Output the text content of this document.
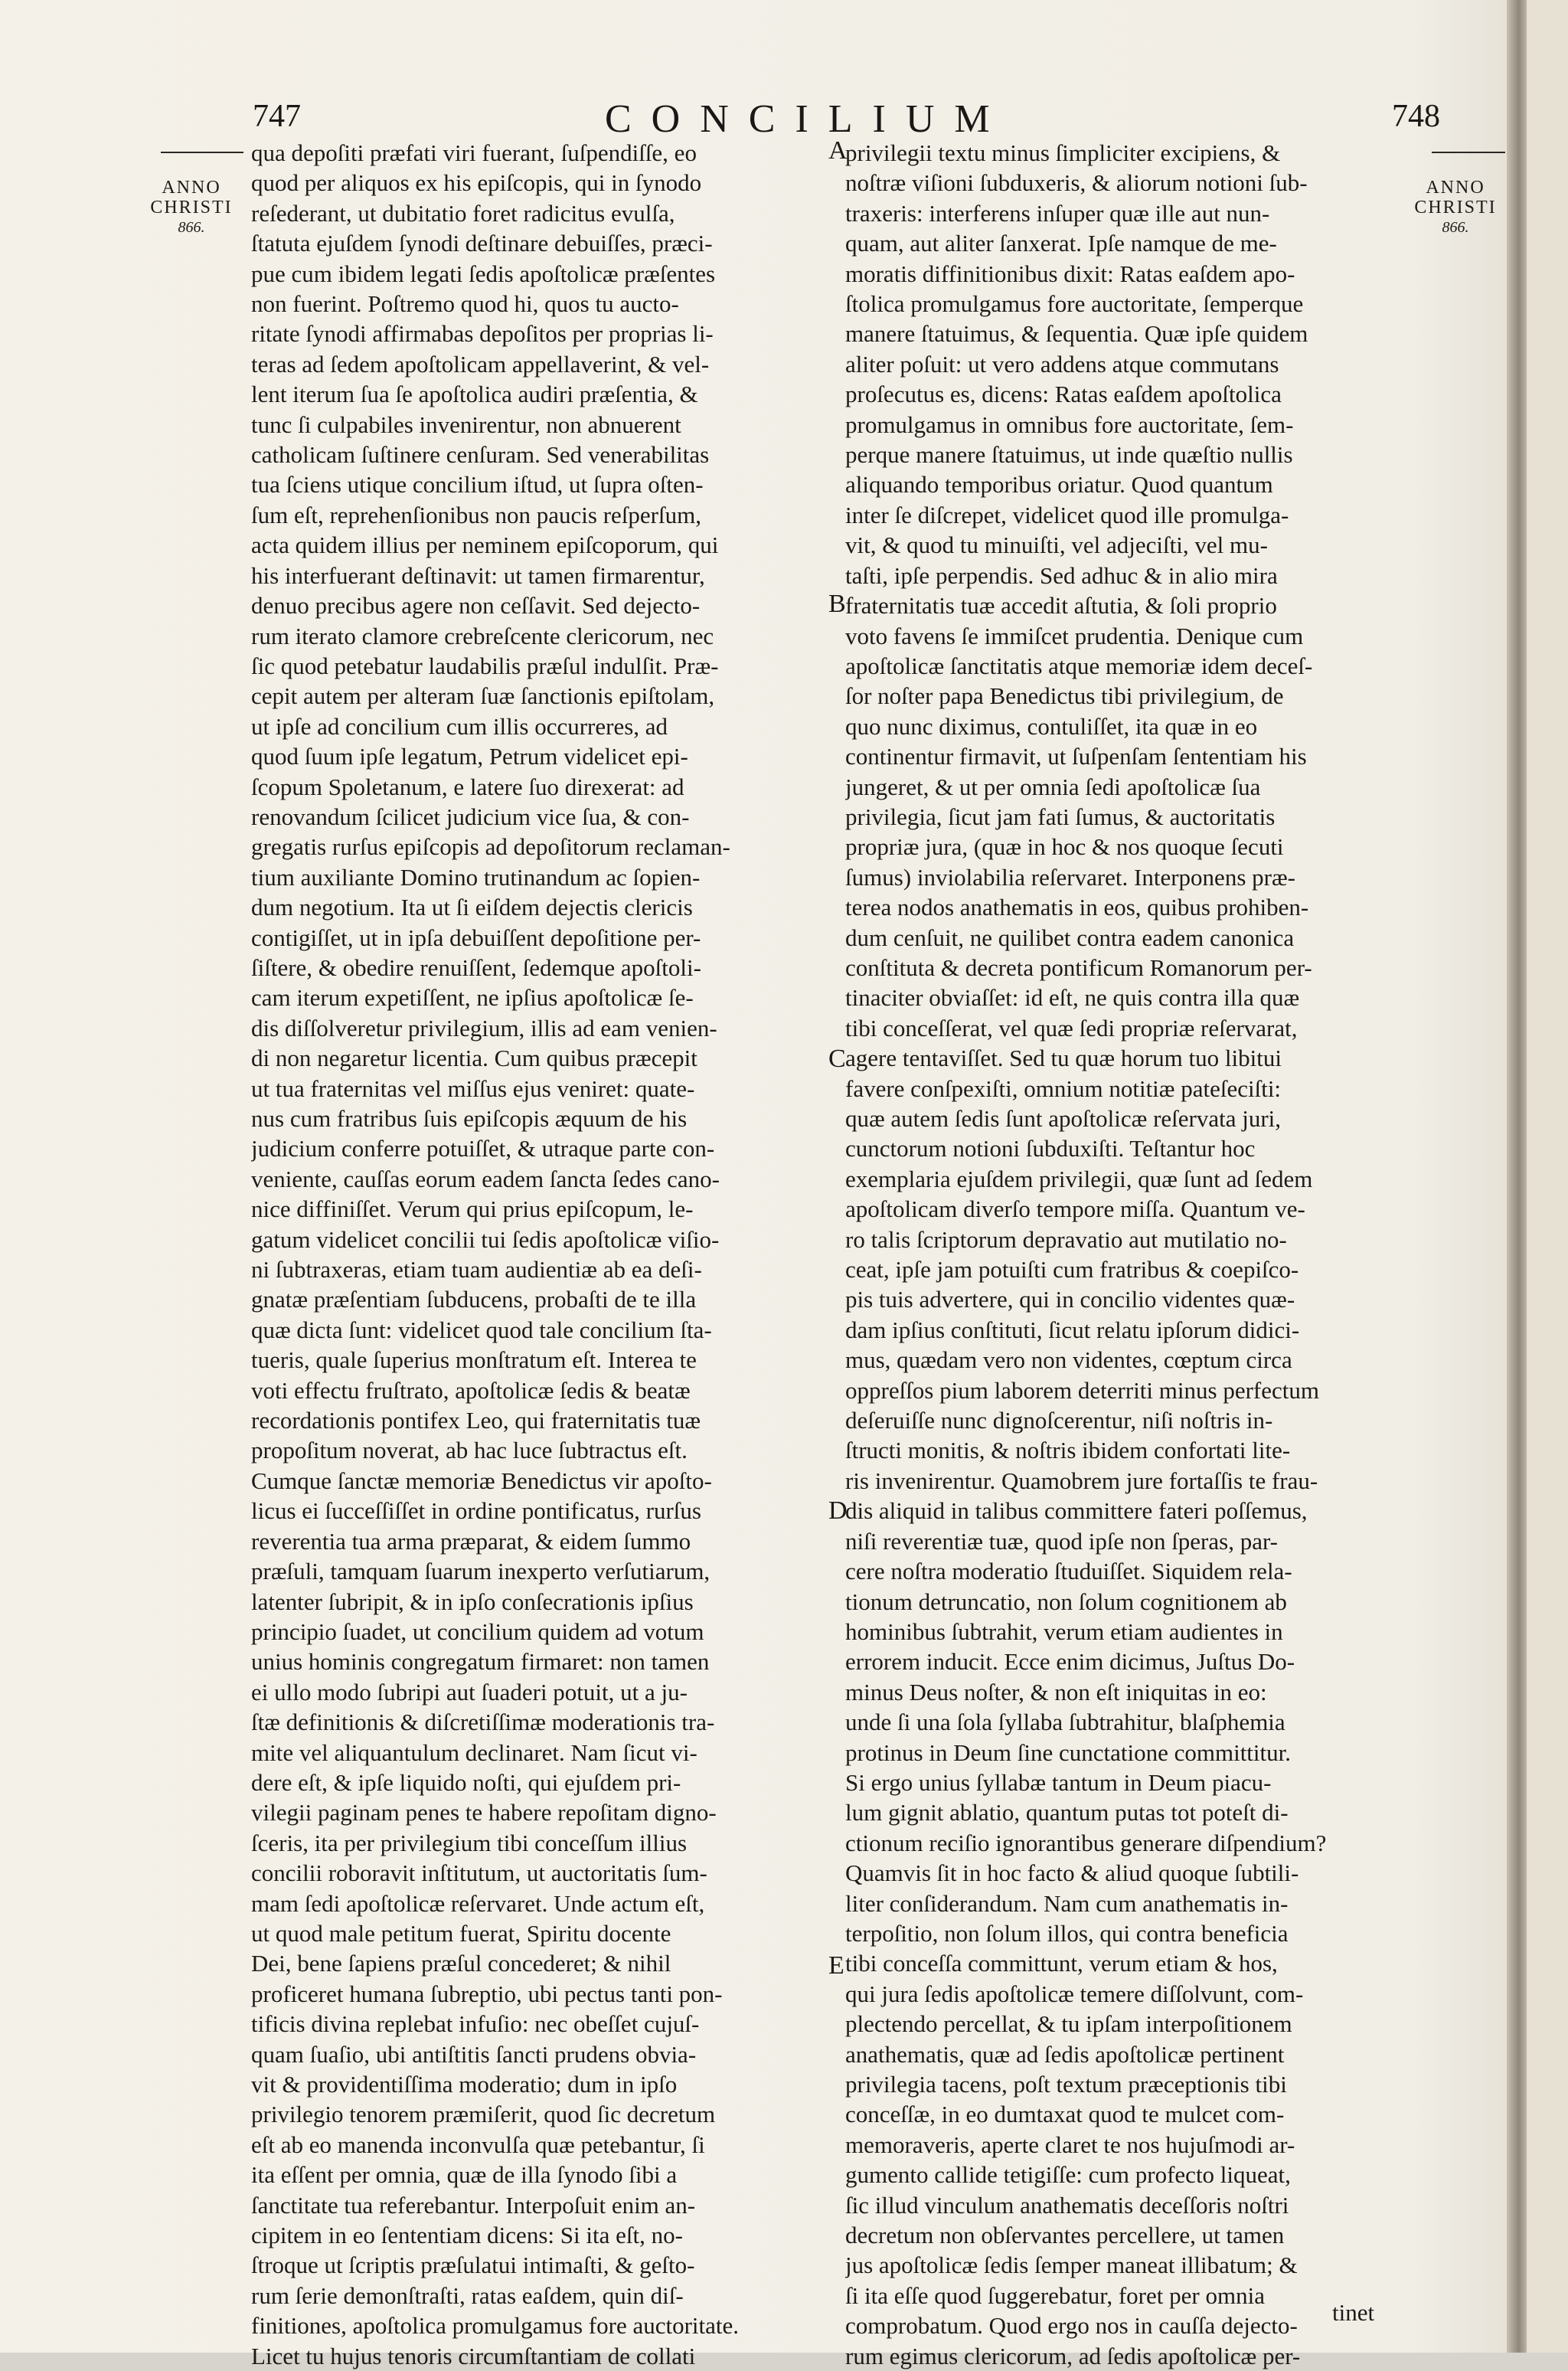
747	CONCILIUM	748
ANNO
CHRISTI
866.
ANNO
CHRISTI
866.
qua depoſiti præfati viri fuerant, ſuſpendiſſe, eo
quod per aliquos ex his epiſcopis, qui in ſynodo
reſederant, ut dubitatio foret radicitus evulſa,
ſtatuta ejuſdem ſynodi deſtinare debuiſſes, præci-
pue cum ibidem legati ſedis apoſtolicæ præſentes
non fuerint. Poſtremo quod hi, quos tu aucto-
ritate ſynodi affirmabas depoſitos per proprias li-
teras ad ſedem apoſtolicam appellaverint, & vel-
lent iterum ſua ſe apoſtolica audiri præſentia, &
tunc ſi culpabiles invenirentur, non abnuerent
catholicam ſuſtinere cenſuram. Sed venerabilitas
tua ſciens utique concilium iſtud, ut ſupra oſten-
ſum eſt, reprehenſionibus non paucis reſperſum,
acta quidem illius per neminem epiſcoporum, qui
his interfuerant deſtinavit: ut tamen firmarentur,
denuo precibus agere non ceſſavit. Sed dejecto-
rum iterato clamore crebreſcente clericorum, nec
ſic quod petebatur laudabilis præſul indulſit. Præ-
cepit autem per alteram ſuæ ſanctionis epiſtolam,
ut ipſe ad concilium cum illis occurreres, ad
quod ſuum ipſe legatum, Petrum videlicet epi-
ſcopum Spoletanum, e latere ſuo direxerat: ad
renovandum ſcilicet judicium vice ſua, & con-
gregatis rurſus epiſcopis ad depoſitorum reclaman-
tium auxiliante Domino trutinandum ac ſopien-
dum negotium. Ita ut ſi eiſdem dejectis clericis
contigiſſet, ut in ipſa debuiſſent depoſitione per-
ſiſtere, & obedire renuiſſent, ſedemque apoſtoli-
cam iterum expetiſſent, ne ipſius apoſtolicæ ſe-
dis diſſolveretur privilegium, illis ad eam venien-
di non negaretur licentia. Cum quibus præcepit
ut tua fraternitas vel miſſus ejus veniret: quate-
nus cum fratribus ſuis epiſcopis æquum de his
judicium conferre potuiſſet, & utraque parte con-
veniente, cauſſas eorum eadem ſancta ſedes cano-
nice diffiniſſet. Verum qui prius epiſcopum, le-
gatum videlicet concilii tui ſedis apoſtolicæ viſio-
ni ſubtraxeras, etiam tuam audientiæ ab ea deſi-
gnatæ præſentiam ſubducens, probaſti de te illa
quæ dicta ſunt: videlicet quod tale concilium ſta-
tueris, quale ſuperius monſtratum eſt. Interea te
voti effectu fruſtrato, apoſtolicæ ſedis & beatæ
recordationis pontifex Leo, qui fraternitatis tuæ
propoſitum noverat, ab hac luce ſubtractus eſt.
Cumque ſanctæ memoriæ Benedictus vir apoſto-
licus ei ſucceſſiſſet in ordine pontificatus, rurſus
reverentia tua arma præparat, & eidem ſummo
præſuli, tamquam ſuarum inexperto verſutiarum,
latenter ſubripit, & in ipſo conſecrationis ipſius
principio ſuadet, ut concilium quidem ad votum
unius hominis congregatum firmaret: non tamen
ei ullo modo ſubripi aut ſuaderi potuit, ut a ju-
ſtæ definitionis & diſcretiſſimæ moderationis tra-
mite vel aliquantulum declinaret. Nam ſicut vi-
dere eſt, & ipſe liquido noſti, qui ejuſdem pri-
vilegii paginam penes te habere repoſitam digno-
ſceris, ita per privilegium tibi conceſſum illius
concilii roboravit inſtitutum, ut auctoritatis ſum-
mam ſedi apoſtolicæ reſervaret. Unde actum eſt,
ut quod male petitum fuerat, Spiritu docente
Dei, bene ſapiens præſul concederet; & nihil
proficeret humana ſubreptio, ubi pectus tanti pon-
tificis divina replebat infuſio: nec obeſſet cujuſ-
quam ſuaſio, ubi antiſtitis ſancti prudens obvia-
vit & providentiſſima moderatio; dum in ipſo
privilegio tenorem præmiſerit, quod ſic decretum
eſt ab eo manenda inconvulſa quæ petebantur, ſi
ita eſſent per omnia, quæ de illa ſynodo ſibi a
ſanctitate tua referebantur. Interpoſuit enim an-
cipitem in eo ſententiam dicens: Si ita eſt, no-
ſtroque ut ſcriptis præſulatui intimaſti, & geſto-
rum ſerie demonſtraſti, ratas eaſdem, quin diſ-
finitiones, apoſtolica promulgamus fore auctoritate.
Licet tu hujus tenoris circumſtantiam de collati
privilegii textu minus ſimpliciter excipiens, &
noſtræ viſioni ſubduxeris, & aliorum notioni ſub-
traxeris: interferens inſuper quæ ille aut nun-
quam, aut aliter ſanxerat. Ipſe namque de me-
moratis diffinitionibus dixit: Ratas eaſdem apo-
ſtolica promulgamus fore auctoritate, ſemperque
manere ſtatuimus, & ſequentia. Quæ ipſe quidem
aliter poſuit: ut vero addens atque commutans
proſecutus es, dicens: Ratas eaſdem apoſtolica
promulgamus in omnibus fore auctoritate, ſem-
perque manere ſtatuimus, ut inde quæſtio nullis
aliquando temporibus oriatur. Quod quantum
inter ſe diſcrepet, videlicet quod ille promulga-
vit, & quod tu minuiſti, vel adjeciſti, vel mu-
taſti, ipſe perpendis. Sed adhuc & in alio mira
fraternitatis tuæ accedit aſtutia, & ſoli proprio
voto favens ſe immiſcet prudentia. Denique cum
apoſtolicæ ſanctitatis atque memoriæ idem deceſ-
ſor noſter papa Benedictus tibi privilegium, de
quo nunc diximus, contuliſſet, ita quæ in eo
continentur firmavit, ut ſuſpenſam ſententiam his
jungeret, & ut per omnia ſedi apoſtolicæ ſua
privilegia, ſicut jam fati ſumus, & auctoritatis
propriæ jura, (quæ in hoc & nos quoque ſecuti
ſumus) inviolabilia reſervaret. Interponens præ-
terea nodos anathematis in eos, quibus prohiben-
dum cenſuit, ne quilibet contra eadem canonica
conſtituta & decreta pontificum Romanorum per-
tinaciter obviaſſet: id eſt, ne quis contra illa quæ
tibi conceſſerat, vel quæ ſedi propriæ reſervarat,
agere tentaviſſet. Sed tu quæ horum tuo libitui
favere conſpexiſti, omnium notitiæ pateſeciſti:
quæ autem ſedis ſunt apoſtolicæ reſervata juri,
cunctorum notioni ſubduxiſti. Teſtantur hoc
exemplaria ejuſdem privilegii, quæ ſunt ad ſedem
apoſtolicam diverſo tempore miſſa. Quantum ve-
ro talis ſcriptorum depravatio aut mutilatio no-
ceat, ipſe jam potuiſti cum fratribus & coepiſco-
pis tuis advertere, qui in concilio videntes quæ-
dam ipſius conſtituti, ſicut relatu ipſorum didici-
mus, quædam vero non videntes, cœptum circa
oppreſſos pium laborem deterriti minus perfectum
deſeruiſſe nunc dignoſcerentur, niſi noſtris in-
ſtructi monitis, & noſtris ibidem confortati lite-
ris invenirentur. Quamobrem jure fortaſſis te frau-
dis aliquid in talibus committere fateri poſſemus,
niſi reverentiæ tuæ, quod ipſe non ſperas, par-
cere noſtra moderatio ſtuduiſſet. Siquidem rela-
tionum detruncatio, non ſolum cognitionem ab
hominibus ſubtrahit, verum etiam audientes in
errorem inducit. Ecce enim dicimus, Juſtus Do-
minus Deus noſter, & non eſt iniquitas in eo:
unde ſi una ſola ſyllaba ſubtrahitur, blaſphemia
protinus in Deum ſine cunctatione committitur.
Si ergo unius ſyllabæ tantum in Deum piacu-
lum gignit ablatio, quantum putas tot poteſt di-
ctionum reciſio ignorantibus generare diſpendium?
Quamvis ſit in hoc facto & aliud quoque ſubtili-
liter conſiderandum. Nam cum anathematis in-
terpoſitio, non ſolum illos, qui contra beneficia
tibi conceſſa committunt, verum etiam & hos,
qui jura ſedis apoſtolicæ temere diſſolvunt, com-
plectendo percellat, & tu ipſam interpoſitionem
anathematis, quæ ad ſedis apoſtolicæ pertinent
privilegia tacens, poſt textum præceptionis tibi
conceſſæ, in eo dumtaxat quod te mulcet com-
memoraveris, aperte claret te nos hujuſmodi ar-
gumento callide tetigiſſe: cum profecto liqueat,
ſic illud vinculum anathematis deceſſoris noſtri
decretum non obſervantes percellere, ut tamen
jus apoſtolicæ ſedis ſemper maneat illibatum; &
ſi ita eſſe quod ſuggerebatur, foret per omnia
comprobatum. Quod ergo nos in cauſſa dejecto-
rum egimus clericorum, ad ſedis apoſtolicæ per-
A
B
C
D
E
tinet
